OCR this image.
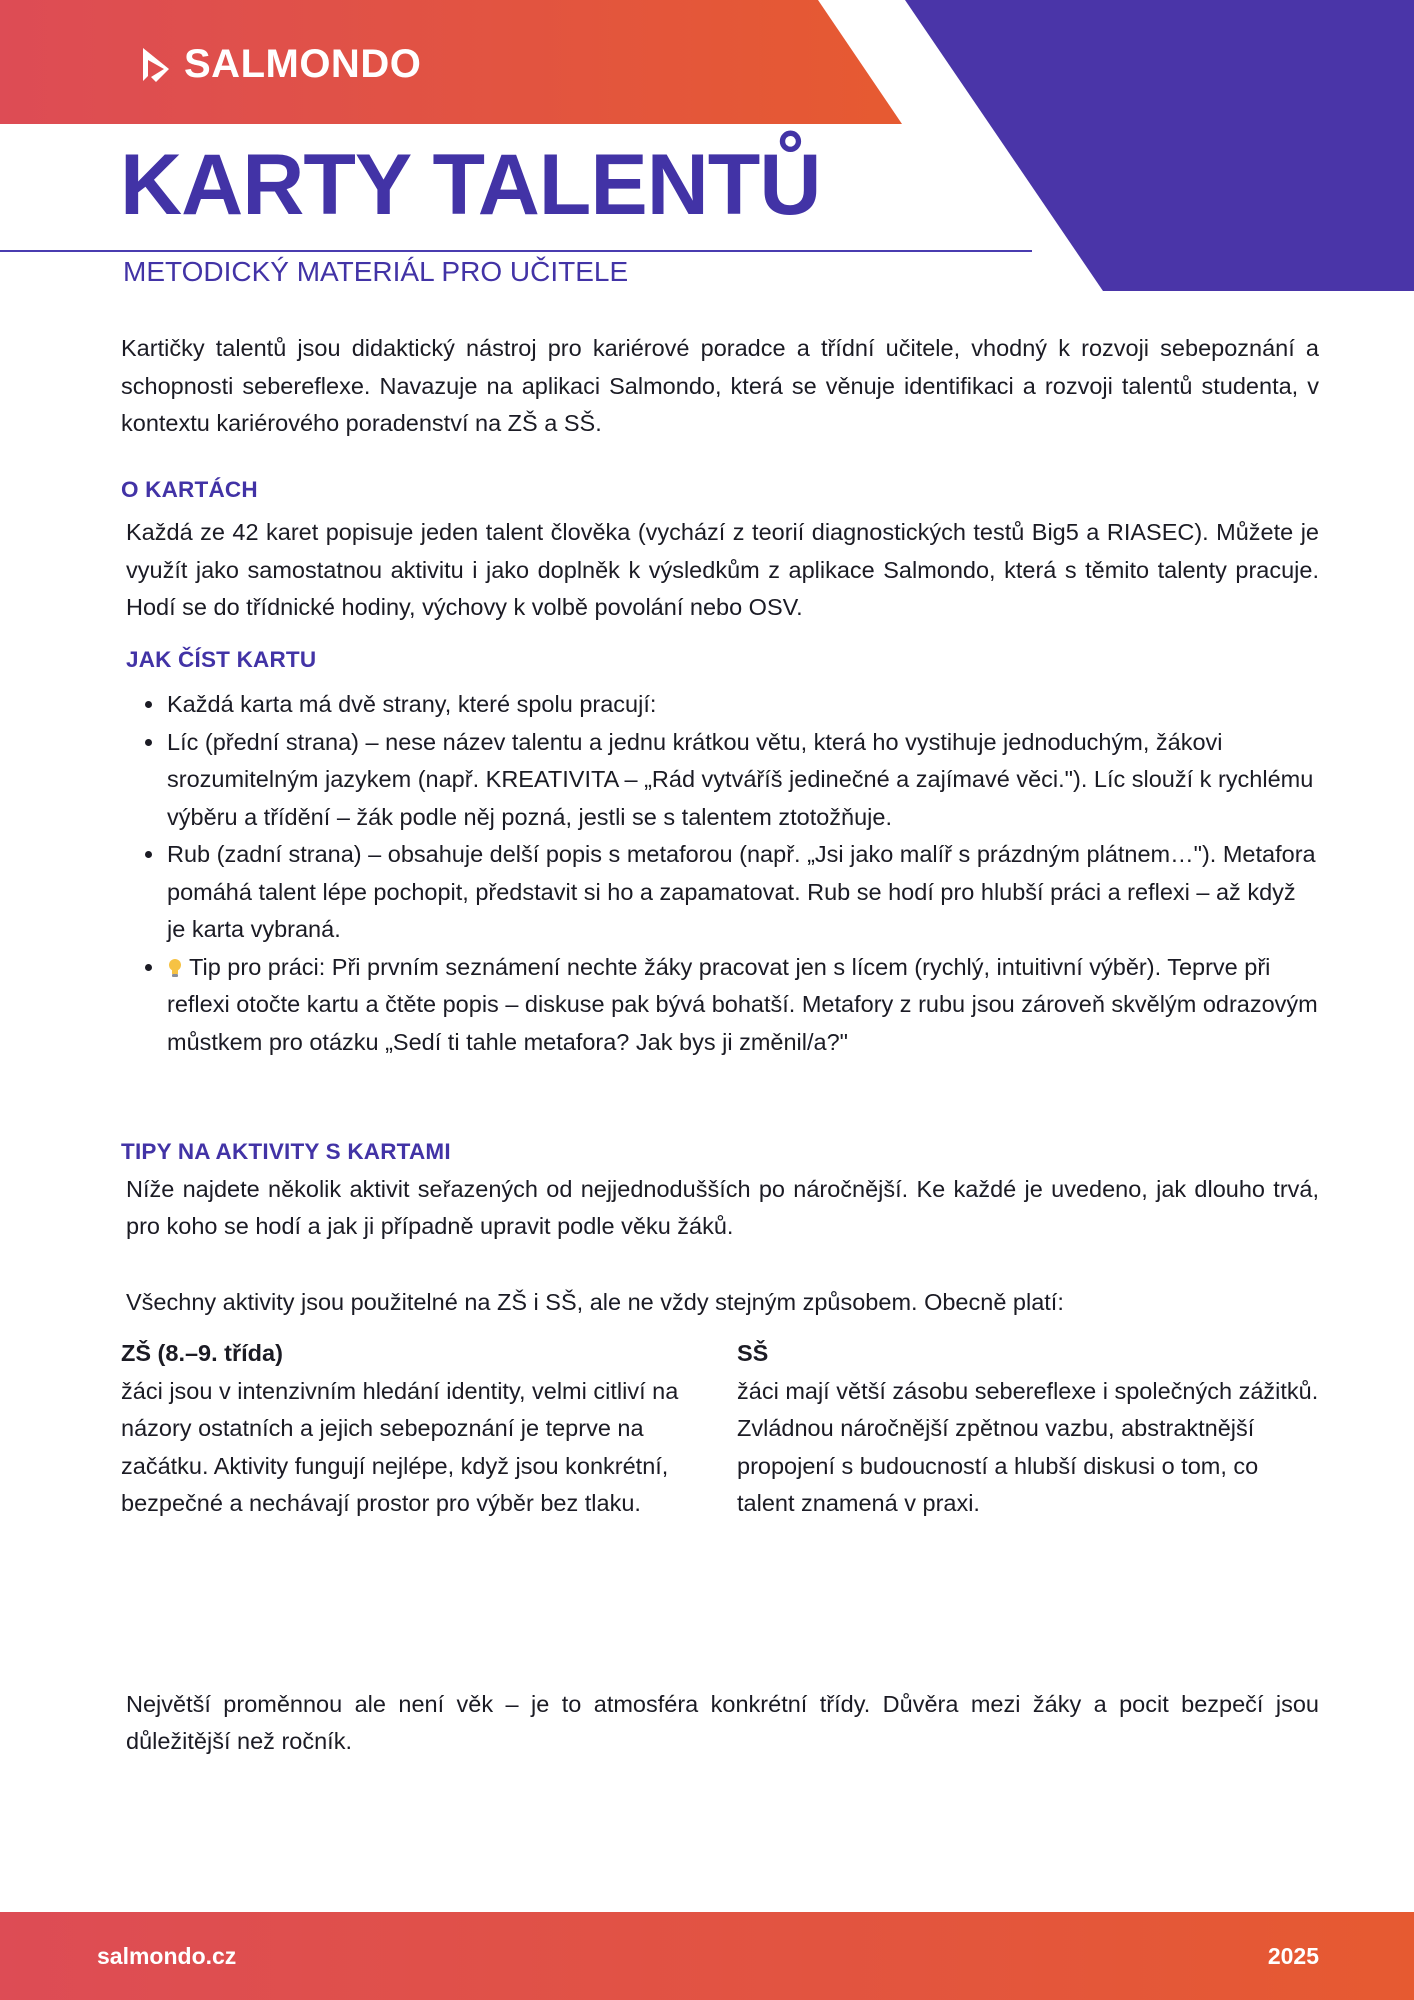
SALMONDO
KARTY TALENTŮ
METODICKÝ MATERIÁL PRO UČITELE

Kartičky talentů jsou didaktický nástroj pro kariérové poradce a třídní učitele, vhodný k rozvoji sebepoznání a schopnosti sebereflexe. Navazuje na aplikaci Salmondo, která se věnuje identifikaci a rozvoji talentů studenta, v kontextu kariérového poradenství na ZŠ a SŠ.

O KARTÁCH

Každá ze 42 karet popisuje jeden talent člověka (vychází z teorií diagnostických testů Big5 a RIASEC). Můžete je využít jako samostatnou aktivitu i jako doplněk k výsledkům z aplikace Salmondo, která s těmito talenty pracuje. Hodí se do třídnické hodiny, výchovy k volbě povolání nebo OSV.

JAK ČÍST KARTU
• Každá karta má dvě strany, které spolu pracují:
• Líc (přední strana) – nese název talentu a jednu krátkou větu, která ho vystihuje jednoduchým, žákovi srozumitelným jazykem (např. KREATIVITA – „Rád vytváříš jedinečné a zajímavé věci."). Líc slouží k rychlému výběru a třídění – žák podle něj pozná, jestli se s talentem ztotožňuje.
• Rub (zadní strana) – obsahuje delší popis s metaforou (např. „Jsi jako malíř s prázdným plátnem…"). Metafora pomáhá talent lépe pochopit, představit si ho a zapamatovat. Rub se hodí pro hlubší práci a reflexi – až když je karta vybraná.
• Tip pro práci: Při prvním seznámení nechte žáky pracovat jen s lícem (rychlý, intuitivní výběr). Teprve při reflexi otočte kartu a čtěte popis – diskuse pak bývá bohatší. Metafory z rubu jsou zároveň skvělým odrazovým můstkem pro otázku „Sedí ti tahle metafora? Jak bys ji změnil/a?"
TIPY NA AKTIVITY S KARTAMI

Níže najdete několik aktivit seřazených od nejjednodušších po náročnější. Ke každé je uvedeno, jak dlouho trvá, pro koho se hodí a jak ji případně upravit podle věku žáků.

Všechny aktivity jsou použitelné na ZŠ i SŠ, ale ne vždy stejným způsobem. Obecně platí:

ZŠ (8.–9. třída)
žáci jsou v intenzivním hledání identity, velmi citliví na názory ostatních a jejich sebepoznání je teprve na začátku. Aktivity fungují nejlépe, když jsou konkrétní, bezpečné a nechávají prostor pro výběr bez tlaku.
SŠ
žáci mají větší zásobu sebereflexe i společných zážitků. Zvládnou náročnější zpětnou vazbu, abstraktnější propojení s budoucností a hlubší diskusi o tom, co talent znamená v praxi.

Největší proměnnou ale není věk – je to atmosféra konkrétní třídy. Důvěra mezi žáky a pocit bezpečí jsou důležitější než ročník.

salmondo.cz	2025
